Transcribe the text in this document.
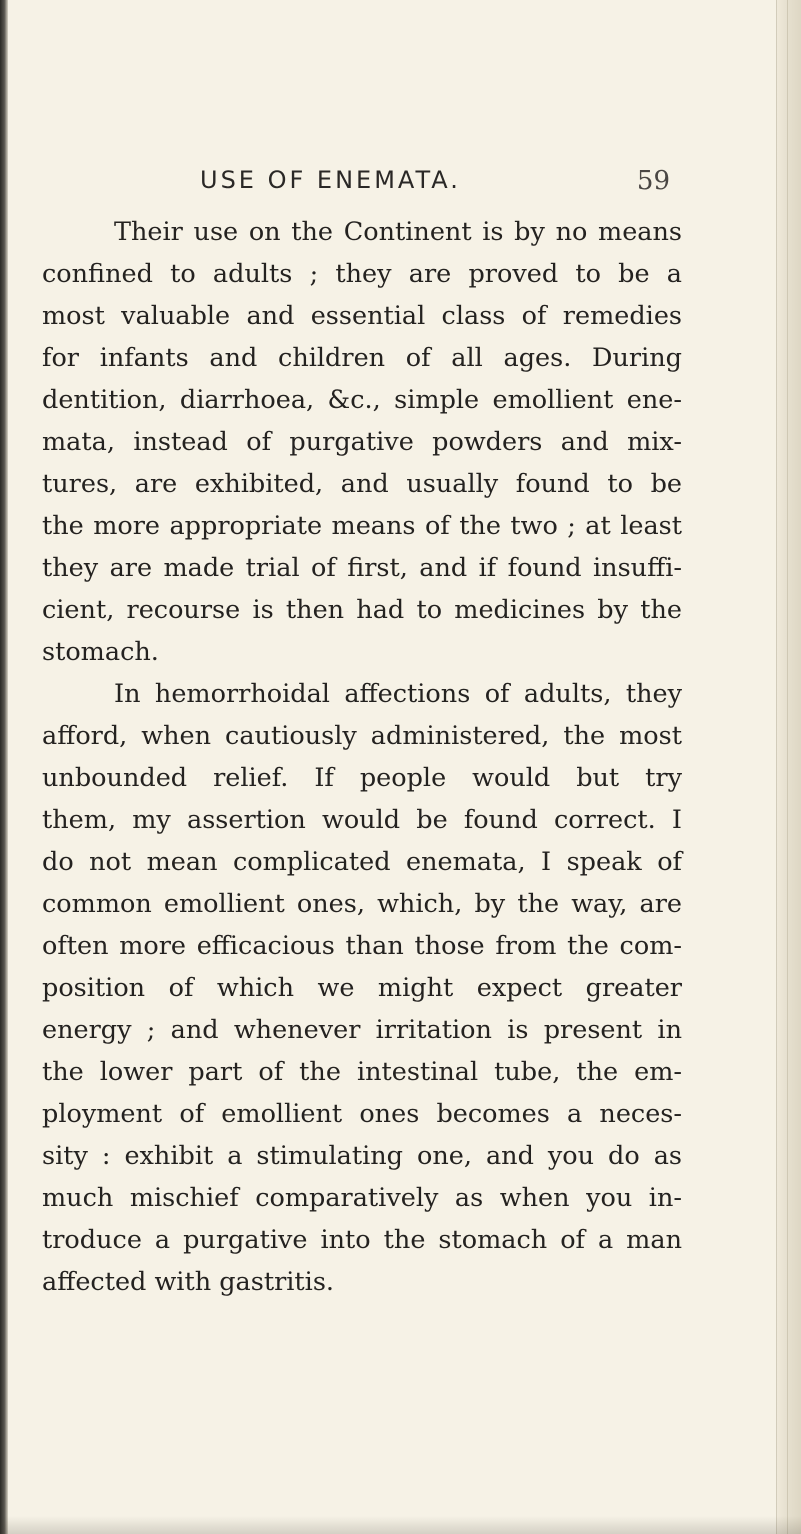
USE OF ENEMATA.	59
Their use on the Continent is by no means
confined to adults ; they are proved to be a
most valuable and essential class of remedies
for infants and children of all ages. During
dentition, diarrhoea, &c., simple emollient ene-
mata, instead of purgative powders and mix-
tures, are exhibited, and usually found to be
the more appropriate means of the two ; at least
they are made trial of first, and if found insuffi-
cient, recourse is then had to medicines by the
stomach.
In hemorrhoidal affections of adults, they
afford, when cautiously administered, the most
unbounded relief. If people would but try
them, my assertion would be found correct. I
do not mean complicated enemata, I speak of
common emollient ones, which, by the way, are
often more efficacious than those from the com-
position of which we might expect greater
energy ; and whenever irritation is present in
the lower part of the intestinal tube, the em-
ployment of emollient ones becomes a neces-
sity : exhibit a stimulating one, and you do as
much mischief comparatively as when you in-
troduce a purgative into the stomach of a man
affected with gastritis.
